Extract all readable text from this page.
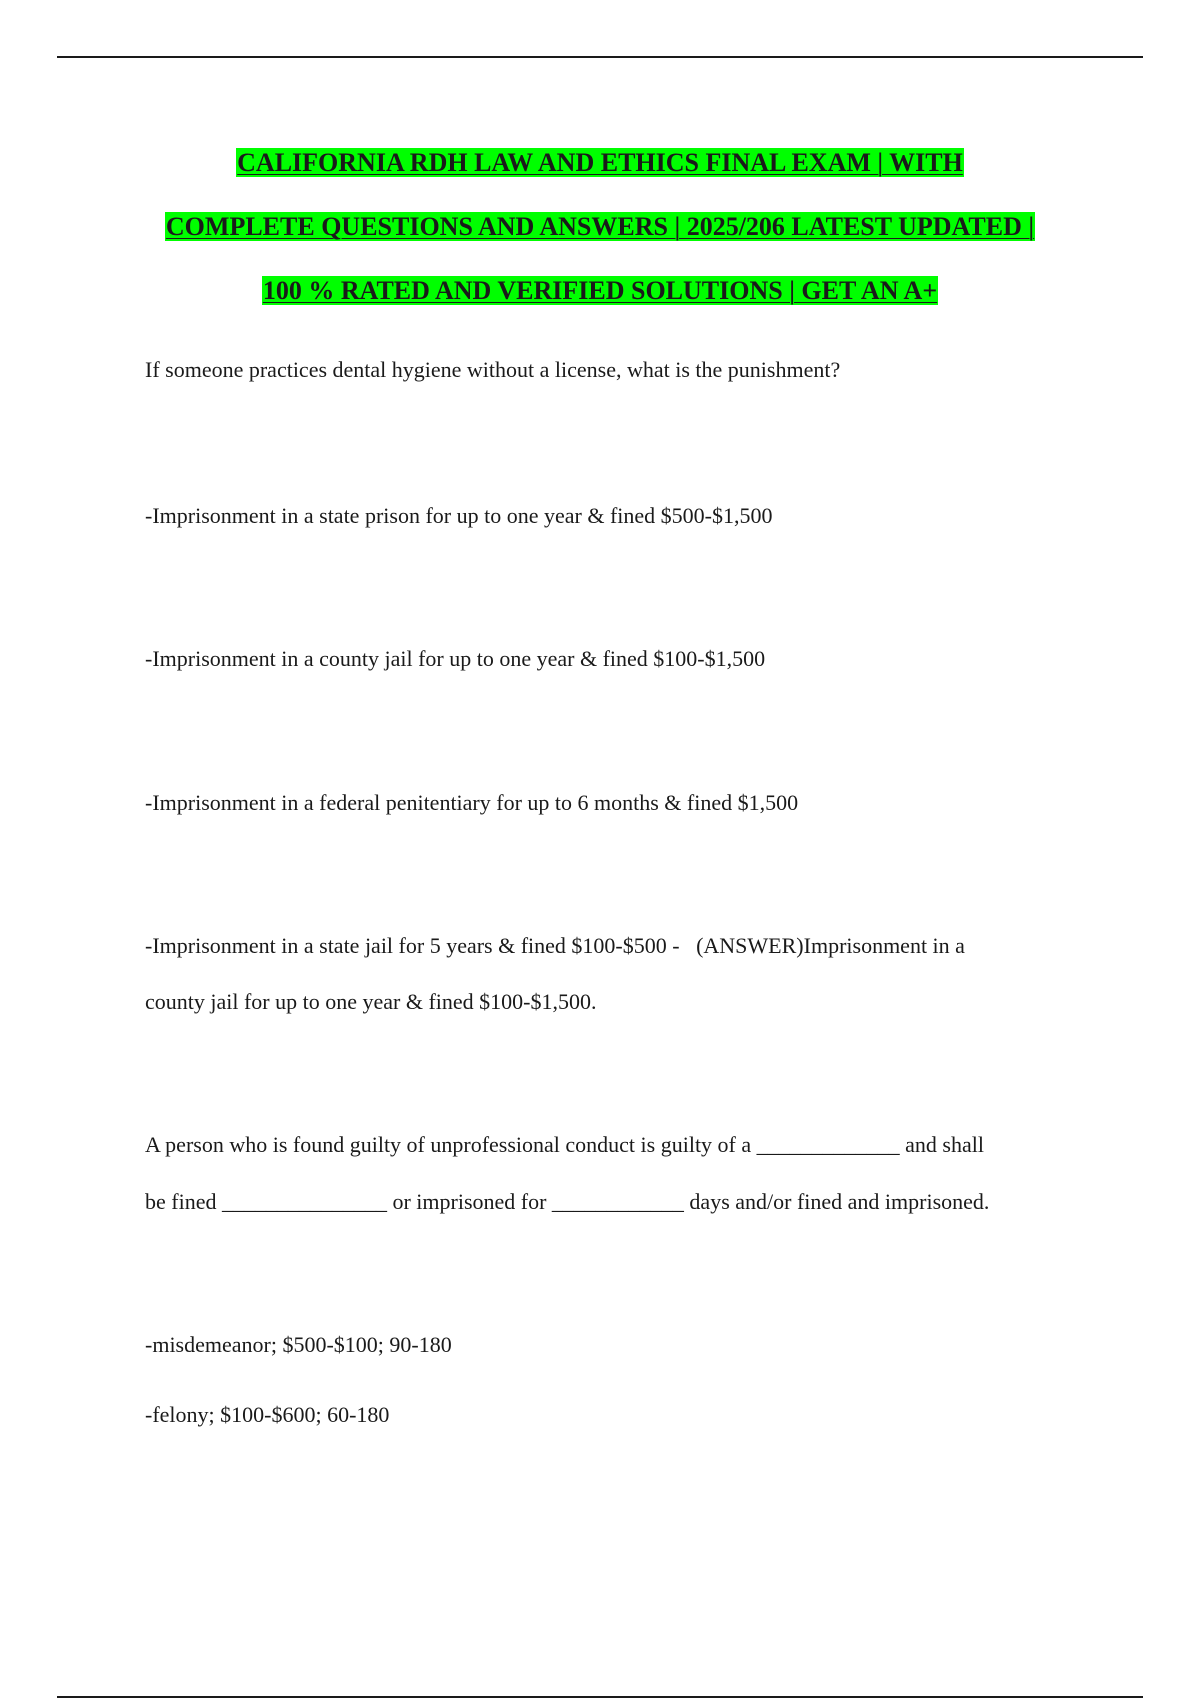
CALIFORNIA RDH LAW AND ETHICS FINAL EXAM | WITH
COMPLETE QUESTIONS AND ANSWERS | 2025/206 LATEST UPDATED |
100 % RATED AND VERIFIED SOLUTIONS | GET AN A+
If someone practices dental hygiene without a license, what is the punishment?
-Imprisonment in a state prison for up to one year & fined $500-$1,500
-Imprisonment in a county jail for up to one year & fined $100-$1,500
-Imprisonment in a federal penitentiary for up to 6 months & fined $1,500
-Imprisonment in a state jail for 5 years & fined $100-$500 -   (ANSWER)Imprisonment in a
county jail for up to one year & fined $100-$1,500.
A person who is found guilty of unprofessional conduct is guilty of a _____________ and shall
be fined _______________ or imprisoned for ____________ days and/or fined and imprisoned.
-misdemeanor; $500-$100; 90-180
-felony; $100-$600; 60-180
